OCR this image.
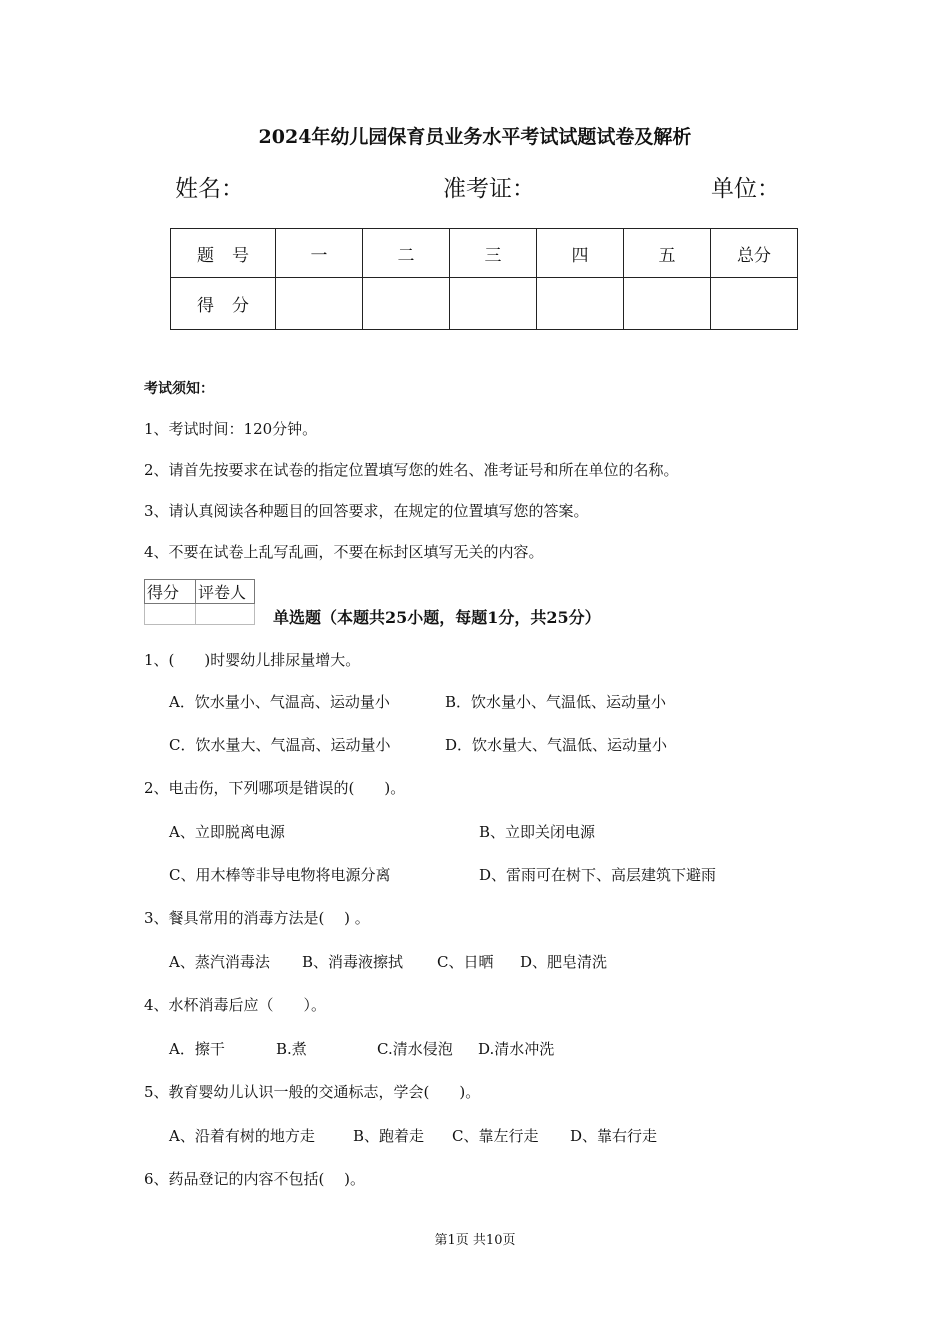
2024年幼儿园保育员业务水平考试试题试卷及解析
姓名：	准考证：	单位：
题号	一	二	三	四	五	总分
得分						
考试须知：
1、考试时间：120分钟。
2、请首先按要求在试卷的指定位置填写您的姓名、准考证号和所在单位的名称。
3、请认真阅读各种题目的回答要求，在规定的位置填写您的答案。
4、不要在试卷上乱写乱画，不要在标封区填写无关的内容。
得分	评卷人

单选题（本题共25小题，每题1分，共25分）
1、(　　)时婴幼儿排尿量增大。
A．饮水量小、气温高、运动量小	B．饮水量小、气温低、运动量小
C．饮水量大、气温高、运动量小	D．饮水量大、气温低、运动量小
2、电击伤，下列哪项是错误的(　　)。
A、立即脱离电源	B、立即关闭电源
C、用木棒等非导电物将电源分离	D、雷雨可在树下、高层建筑下避雨
3、餐具常用的消毒方法是(　 ) 。
A、蒸汽消毒法 B、消毒液擦拭 C、日晒 D、肥皂清洗
4、水杯消毒后应（　　）。
A．擦干	B.煮	C.清水侵泡 D.清水冲洗
5、教育婴幼儿认识一般的交通标志，学会(　　)。
A、沿着有树的地方走	B、跑着走 C、靠左行走 D、靠右行走
6、药品登记的内容不包括(　 )。
第1页 共10页
